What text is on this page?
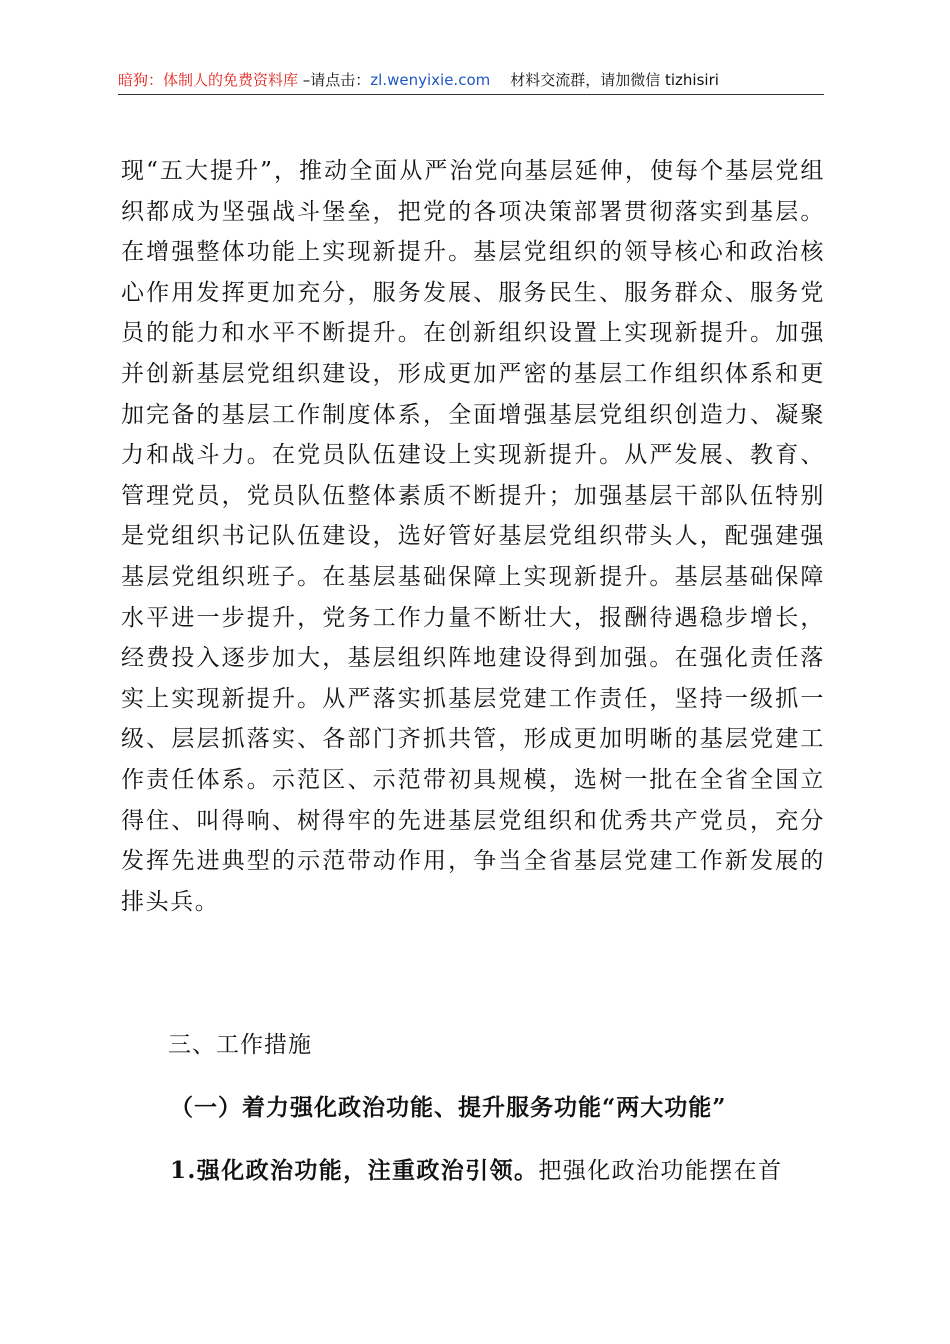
暗狗：体制人的免费资料库 –请点击：zl.wenyixie.com 材料交流群，请加微信 tizhisiri

现“五大提升”，推动全面从严治党向基层延伸，使每个基层党组织都成为坚强战斗堡垒，把党的各项决策部署贯彻落实到基层。在增强整体功能上实现新提升。基层党组织的领导核心和政治核心作用发挥更加充分，服务发展、服务民生、服务群众、服务党员的能力和水平不断提升。在创新组织设置上实现新提升。加强并创新基层党组织建设，形成更加严密的基层工作组织体系和更加完备的基层工作制度体系，全面增强基层党组织创造力、凝聚力和战斗力。在党员队伍建设上实现新提升。从严发展、教育、管理党员，党员队伍整体素质不断提升；加强基层干部队伍特别是党组织书记队伍建设，选好管好基层党组织带头人，配强建强基层党组织班子。在基层基础保障上实现新提升。基层基础保障水平进一步提升，党务工作力量不断壮大，报酬待遇稳步增长，经费投入逐步加大，基层组织阵地建设得到加强。在强化责任落实上实现新提升。从严落实抓基层党建工作责任，坚持一级抓一级、层层抓落实、各部门齐抓共管，形成更加明晰的基层党建工作责任体系。示范区、示范带初具规模，选树一批在全省全国立得住、叫得响、树得牢的先进基层党组织和优秀共产党员，充分发挥先进典型的示范带动作用，争当全省基层党建工作新发展的排头兵。

三、工作措施

（一）着力强化政治功能、提升服务功能“两大功能”

1.强化政治功能，注重政治引领。把强化政治功能摆在首
